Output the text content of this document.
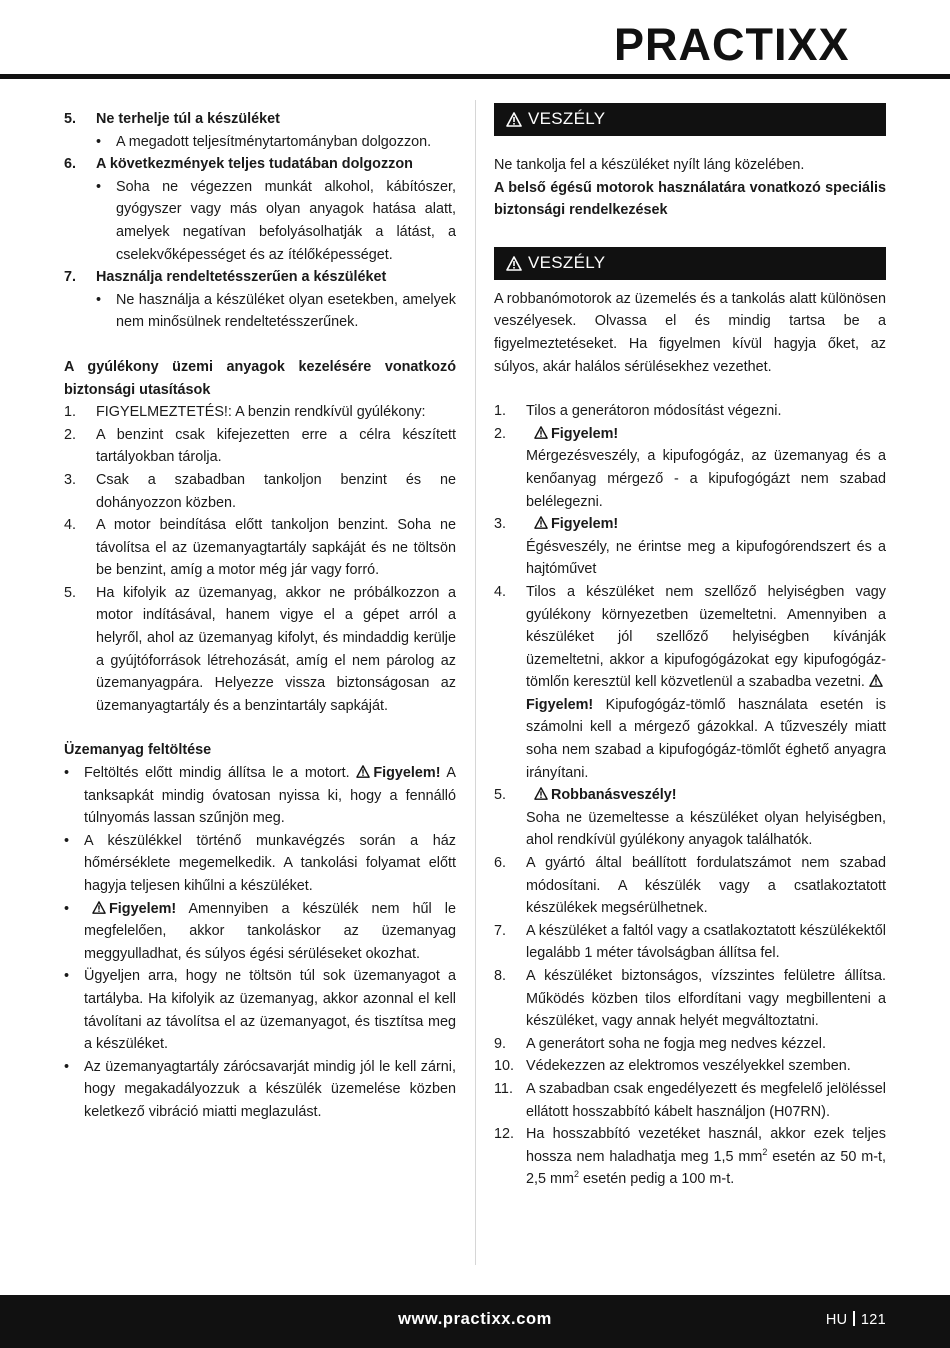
PRACTIXX
5. Ne terhelje túl a készüléket
• A megadott teljesítménytartományban dolgozzon.
6. A következmények teljes tudatában dolgozzon
• Soha ne végezzen munkát alkohol, kábítószer, gyógyszer vagy más olyan anyagok hatása alatt, amelyek negatívan befolyásolhatják a látást, a cselekvőképességet és az ítélőképességet.
7. Használja rendeltetésszerűen a készüléket
• Ne használja a készüléket olyan esetekben, amelyek nem minősülnek rendeltetésszerűnek.
A gyúlékony üzemi anyagok kezelésére vonatkozó biztonsági utasítások
1. FIGYELMEZTETÉS!: A benzin rendkívül gyúlékony:
2. A benzint csak kifejezetten erre a célra készített tartályokban tárolja.
3. Csak a szabadban tankoljon benzint és ne dohányozzon közben.
4. A motor beindítása előtt tankoljon benzint. Soha ne távolítsa el az üzemanyagtartály sapkáját és ne töltsön be benzint, amíg a motor még jár vagy forró.
5. Ha kifolyik az üzemanyag, akkor ne próbálkozzon a motor indításával, hanem vigye el a gépet arról a helyről, ahol az üzemanyag kifolyt, és mindaddig kerülje a gyújtóforrások létrehozását, amíg el nem párolog az üzemanyagpára. Helyezze vissza biztonságosan az üzemanyagtartály és a benzintartály sapkáját.
Üzemanyag feltöltése
• Feltöltés előtt mindig állítsa le a motort. Figyelem! A tanksapkát mindig óvatosan nyissa ki, hogy a fennálló túlnyomás lassan szűnjön meg.
• A készülékkel történő munkavégzés során a ház hőmérséklete megemelkedik. A tankolási folyamat előtt hagyja teljesen kihűlni a készüléket.
•	Figyelem! Amennyiben a készülék nem hűl le megfelelően, akkor tankoláskor az üzemanyag meggyulladhat, és súlyos égési sérüléseket okozhat.
• Ügyeljen arra, hogy ne töltsön túl sok üzemanyagot a tartályba. Ha kifolyik az üzemanyag, akkor azonnal el kell távolítani az távolítsa el az üzemanyagot, és tisztítsa meg a készüléket.
• Az üzemanyagtartály zárócsavarját mindig jól le kell zárni, hogy megakadályozzuk a készülék üzemelése közben keletkező vibráció miatti meglazulást.
VESZÉLY
Ne tankolja fel a készüléket nyílt láng közelében.
A belső égésű motorok használatára vonatkozó speciális biztonsági rendelkezések
VESZÉLY
A robbanómotorok az üzemelés és a tankolás alatt különösen veszélyesek. Olvassa el és mindig tartsa be a figyelmeztetéseket. Ha figyelmen kívül hagyja őket, az súlyos, akár halálos sérülésekhez vezethet.
1. Tilos a generátoron módosítást végezni.
2.	Figyelem!
Mérgezésveszély, a kipufogógáz, az üzemanyag és a kenőanyag mérgező - a kipufogógázt nem szabad belélegezni.
3.	Figyelem!
Égésveszély, ne érintse meg a kipufogórendszert és a hajtóművet
4. Tilos a készüléket nem szellőző helyiségben vagy gyúlékony környezetben üzemeltetni. Amennyiben a készüléket jól szellőző helyiségben kívánják üzemeltetni, akkor a kipufogógázokat egy kipufogógáz-tömlőn keresztül kell közvetlenül a szabadba vezetni.
Figyelem! Kipufogógáz-tömlő használata esetén is számolni kell a mérgező gázokkal. A tűzveszély miatt soha nem szabad a kipufogógáz-tömlőt éghető anyagra irányítani.
5.	Robbanásveszély!
Soha ne üzemeltesse a készüléket olyan helyiségben, ahol rendkívül gyúlékony anyagok találhatók.
6. A gyártó által beállított fordulatszámot nem szabad módosítani. A készülék vagy a csatlakoztatott készülékek megsérülhetnek.
7. A készüléket a faltól vagy a csatlakoztatott készülékektől legalább 1 méter távolságban állítsa fel.
8. A készüléket biztonságos, vízszintes felületre állítsa. Működés közben tilos elfordítani vagy megbillenteni a készüléket, vagy annak helyét megváltoztatni.
9. A generátort soha ne fogja meg nedves kézzel.
10. Védekezzen az elektromos veszélyekkel szemben.
11. A szabadban csak engedélyezett és megfelelő jelöléssel ellátott hosszabbító kábelt használjon (H07RN).
12. Ha hosszabbító vezetéket használ, akkor ezek teljes hossza nem haladhatja meg 1,5 $mm^2$ esetén az 50 m-t, 2,5 $mm^2$ esetén pedig a 100 m-t.
www.practixx.com	HU 121
